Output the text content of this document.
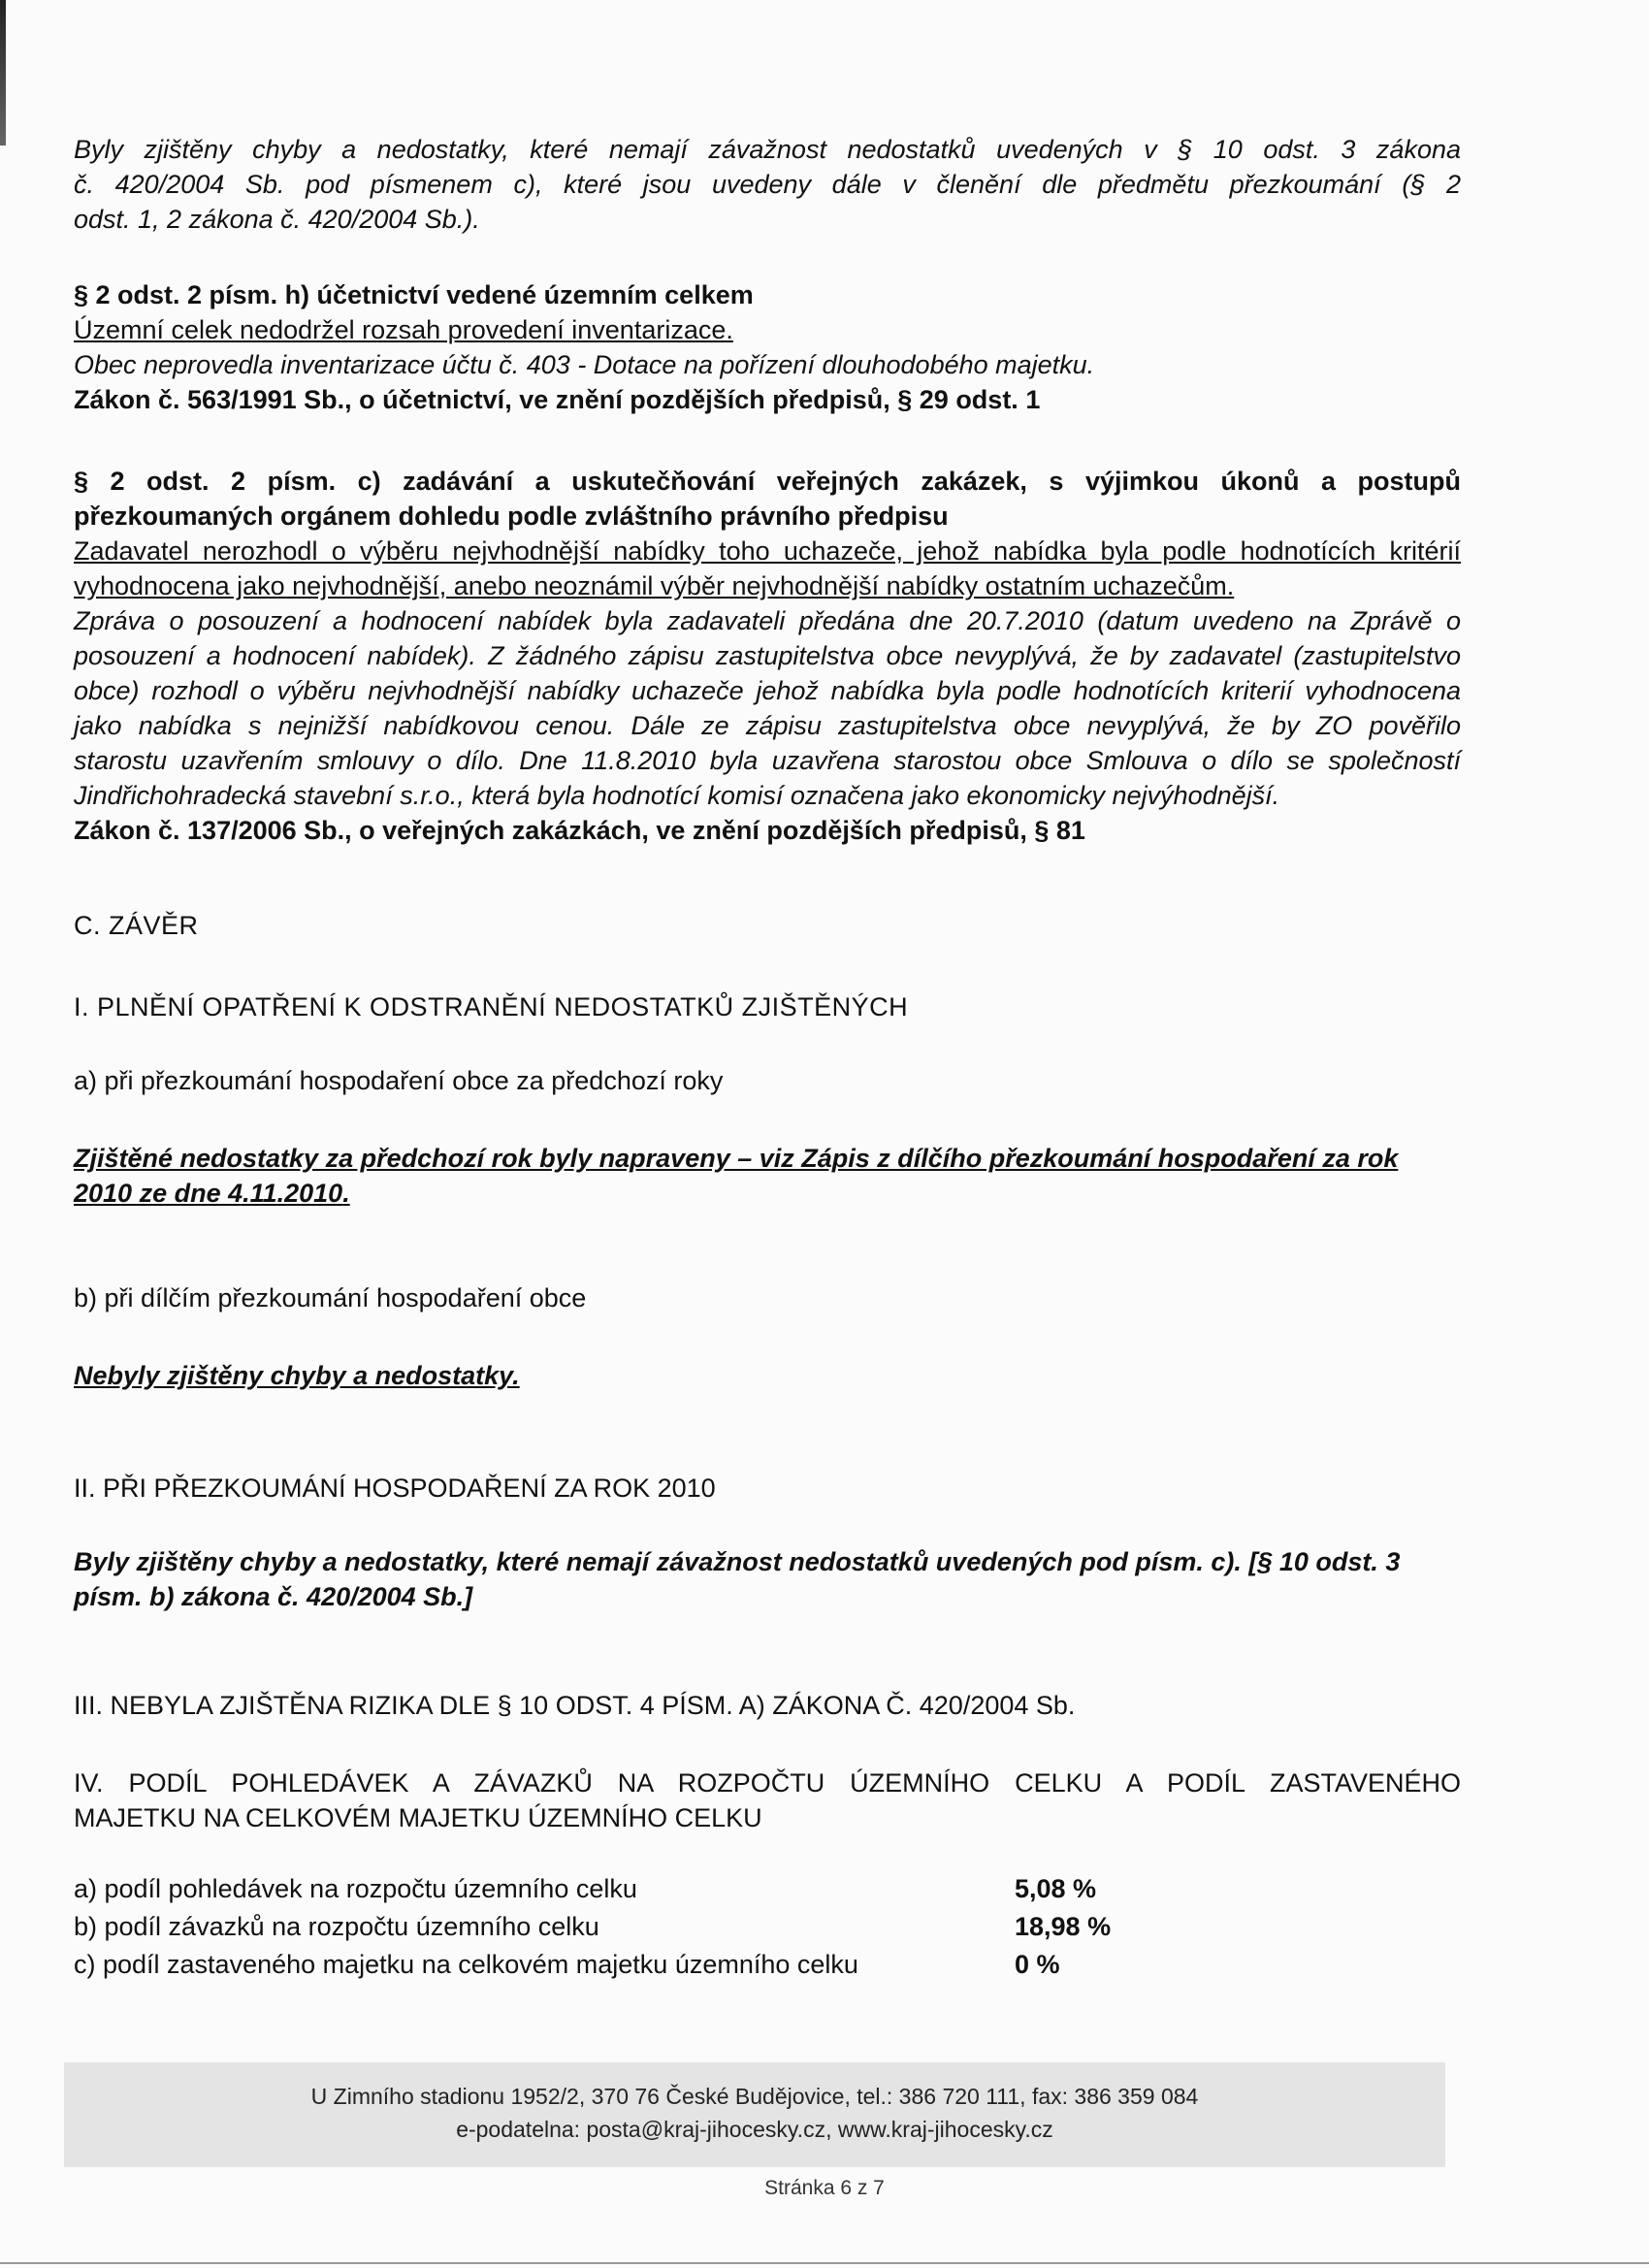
Byly zjištěny chyby a nedostatky, které nemají závažnost nedostatků uvedených v § 10 odst. 3 zákona
č. 420/2004 Sb. pod písmenem c), které jsou uvedeny dále v členění dle předmětu přezkoumání (§ 2
odst. 1, 2 zákona č. 420/2004 Sb.).
§ 2 odst. 2 písm. h) účetnictví vedené územním celkem
Územní celek nedodržel rozsah provedení inventarizace.
Obec neprovedla inventarizace účtu č. 403 - Dotace na pořízení dlouhodobého majetku.
Zákon č. 563/1991 Sb., o účetnictví, ve znění pozdějších předpisů, § 29 odst. 1
§ 2 odst. 2 písm. c) zadávání a uskutečňování veřejných zakázek, s výjimkou úkonů a postupů
přezkoumaných orgánem dohledu podle zvláštního právního předpisu
Zadavatel nerozhodl o výběru nejvhodnější nabídky toho uchazeče, jehož nabídka byla podle hodnotících kritérií
vyhodnocena jako nejvhodnější, anebo neoznámil výběr nejvhodnější nabídky ostatním uchazečům.
Zpráva o posouzení a hodnocení nabídek byla zadavateli předána dne 20.7.2010 (datum uvedeno na Zprávě o
posouzení a hodnocení nabídek). Z žádného zápisu zastupitelstva obce nevyplývá, že by zadavatel (zastupitelstvo
obce) rozhodl o výběru nejvhodnější nabídky uchazeče jehož nabídka byla podle hodnotících kriterií vyhodnocena
jako nabídka s nejnižší nabídkovou cenou. Dále ze zápisu zastupitelstva obce nevyplývá, že by ZO pověřilo
starostu uzavřením smlouvy o dílo. Dne 11.8.2010 byla uzavřena starostou obce Smlouva o dílo se společností
Jindřichohradecká stavební s.r.o., která byla hodnotící komisí označena jako ekonomicky nejvýhodnější.
Zákon č. 137/2006 Sb., o veřejných zakázkách, ve znění pozdějších předpisů, § 81
C. ZÁVĚR
I. PLNĚNÍ OPATŘENÍ K ODSTRANĚNÍ NEDOSTATKŮ ZJIŠTĚNÝCH
a) při přezkoumání hospodaření obce za předchozí roky
Zjištěné nedostatky za předchozí rok byly napraveny – viz Zápis z dílčího přezkoumání hospodaření za rok
2010 ze dne 4.11.2010.
b) při dílčím přezkoumání hospodaření obce
Nebyly zjištěny chyby a nedostatky.
II. PŘI PŘEZKOUMÁNÍ HOSPODAŘENÍ ZA ROK 2010
Byly zjištěny chyby a nedostatky, které nemají závažnost nedostatků uvedených pod písm. c). [§ 10 odst. 3
písm. b) zákona č. 420/2004 Sb.]
III. NEBYLA ZJIŠTĚNA RIZIKA DLE § 10 ODST. 4 PÍSM. A) ZÁKONA Č. 420/2004 Sb.
IV. PODÍL POHLEDÁVEK A ZÁVAZKŮ NA ROZPOČTU ÚZEMNÍHO CELKU A PODÍL ZASTAVENÉHO
MAJETKU NA CELKOVÉM MAJETKU ÚZEMNÍHO CELKU
a) podíl pohledávek na rozpočtu územního celku	5,08 %
b) podíl závazků na rozpočtu územního celku	18,98 %
c) podíl zastaveného majetku na celkovém majetku územního celku	0 %
U Zimního stadionu 1952/2, 370 76 České Budějovice, tel.: 386 720 111, fax: 386 359 084
e-podatelna: posta@kraj-jihocesky.cz, www.kraj-jihocesky.cz
Stránka 6 z 7
